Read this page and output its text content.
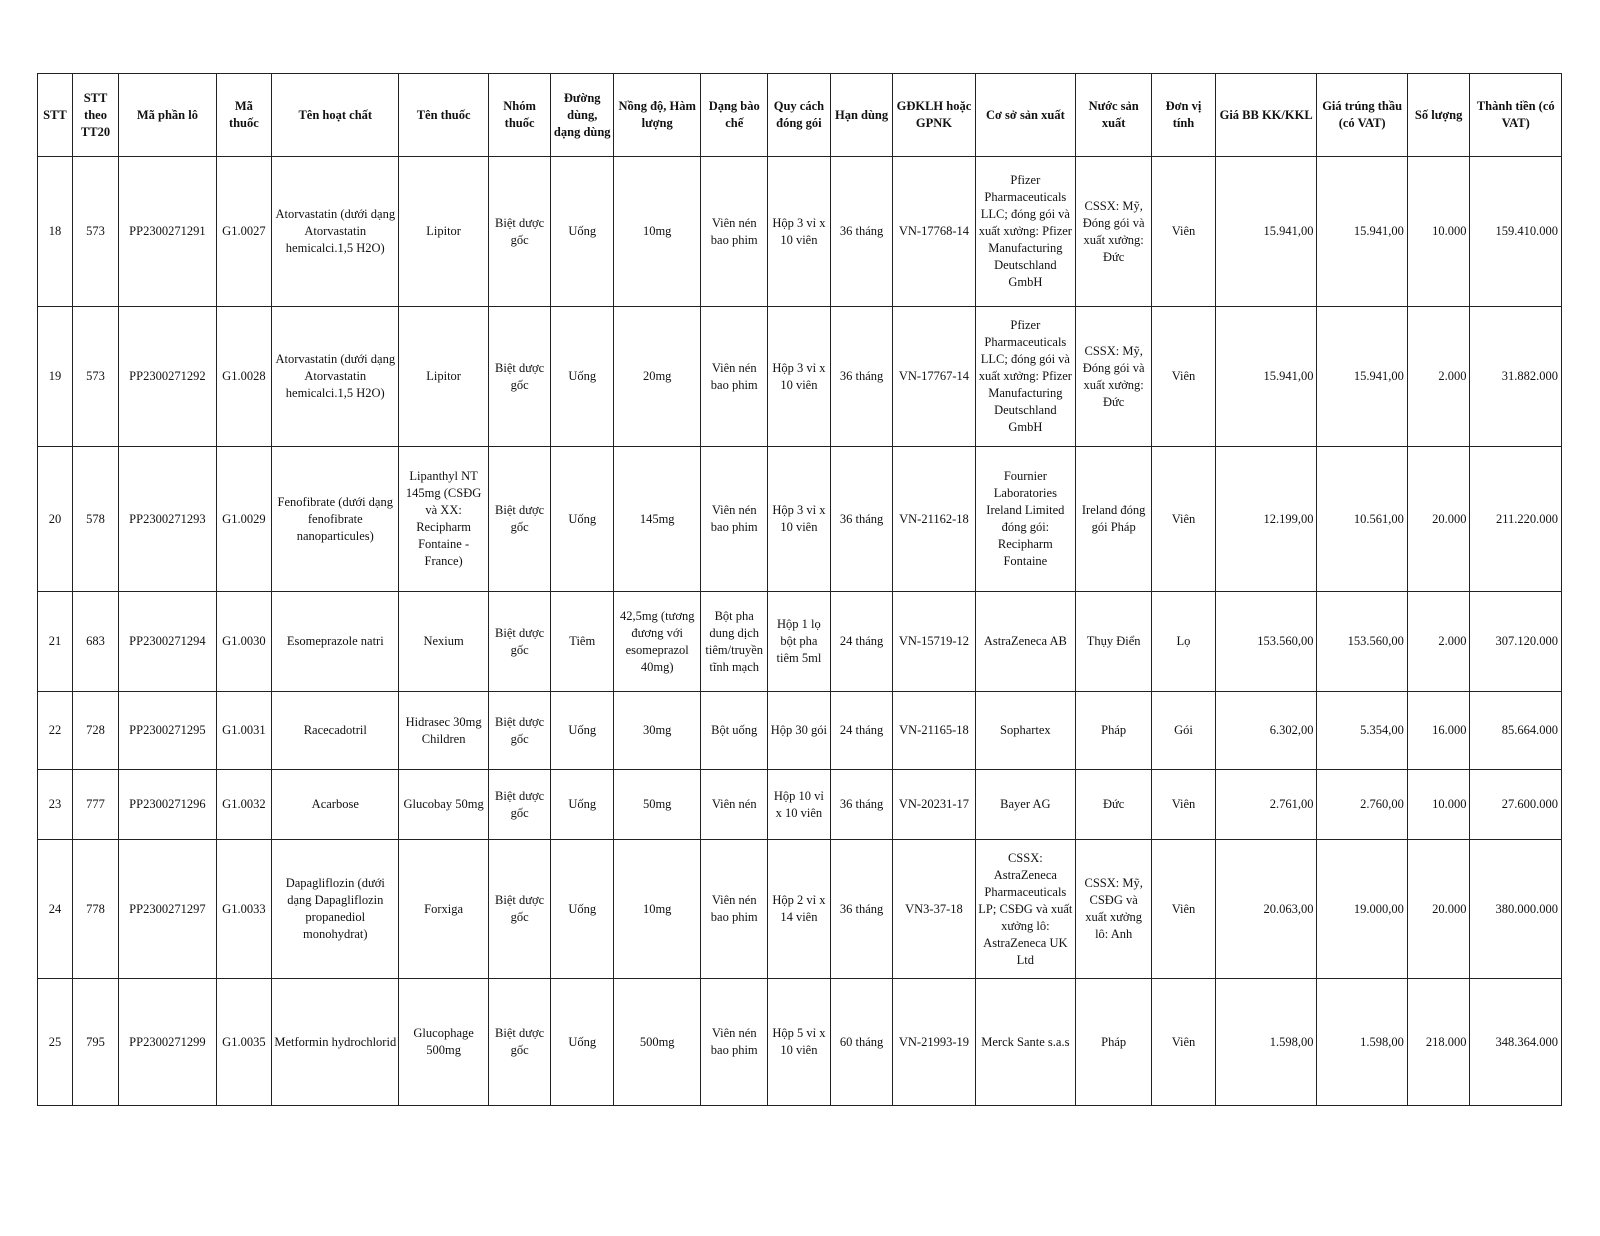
STT	STT theo TT20	Mã phần lô	Mã thuốc	Tên hoạt chất	Tên thuốc	Nhóm thuốc	Đường dùng, dạng dùng	Nồng độ, Hàm lượng	Dạng bào chế	Quy cách đóng gói	Hạn dùng	GĐKLH hoặc GPNK	Cơ sở sản xuất	Nước sản xuất	Đơn vị tính	Giá BB KK/KKL	Giá trúng thầu (có VAT)	Số lượng	Thành tiền (có VAT)
18	573	PP2300271291	G1.0027	Atorvastatin (dưới dạng Atorvastatin hemicalci.1,5 H2O)	Lipitor	Biệt dược gốc	Uống	10mg	Viên nén bao phim	Hộp 3 vỉ x 10 viên	36 tháng	VN-17768-14	Pfizer Pharmaceuticals LLC; đóng gói và xuất xưởng: Pfizer Manufacturing Deutschland GmbH	CSSX: Mỹ, Đóng gói và xuất xưởng: Đức	Viên	15.941,00	15.941,00	10.000	159.410.000
19	573	PP2300271292	G1.0028	Atorvastatin (dưới dạng Atorvastatin hemicalci.1,5 H2O)	Lipitor	Biệt dược gốc	Uống	20mg	Viên nén bao phim	Hộp 3 vỉ x 10 viên	36 tháng	VN-17767-14	Pfizer Pharmaceuticals LLC; đóng gói và xuất xưởng: Pfizer Manufacturing Deutschland GmbH	CSSX: Mỹ, Đóng gói và xuất xưởng: Đức	Viên	15.941,00	15.941,00	2.000	31.882.000
20	578	PP2300271293	G1.0029	Fenofibrate (dưới dạng fenofibrate nanoparticules)	Lipanthyl NT 145mg (CSĐG và XX: Recipharm Fontaine - France)	Biệt dược gốc	Uống	145mg	Viên nén bao phim	Hộp 3 vỉ x 10 viên	36 tháng	VN-21162-18	Fournier Laboratories Ireland Limited đóng gói: Recipharm Fontaine	Ireland đóng gói Pháp	Viên	12.199,00	10.561,00	20.000	211.220.000
21	683	PP2300271294	G1.0030	Esomeprazole natri	Nexium	Biệt dược gốc	Tiêm	42,5mg (tương đương với esomeprazol 40mg)	Bột pha dung dịch tiêm/truyền tĩnh mạch	Hộp 1 lọ bột pha tiêm 5ml	24 tháng	VN-15719-12	AstraZeneca AB	Thụy Điển	Lọ	153.560,00	153.560,00	2.000	307.120.000
22	728	PP2300271295	G1.0031	Racecadotril	Hidrasec 30mg Children	Biệt dược gốc	Uống	30mg	Bột uống	Hộp 30 gói	24 tháng	VN-21165-18	Sophartex	Pháp	Gói	6.302,00	5.354,00	16.000	85.664.000
23	777	PP2300271296	G1.0032	Acarbose	Glucobay 50mg	Biệt dược gốc	Uống	50mg	Viên nén	Hộp 10 vỉ x 10 viên	36 tháng	VN-20231-17	Bayer AG	Đức	Viên	2.761,00	2.760,00	10.000	27.600.000
24	778	PP2300271297	G1.0033	Dapagliflozin (dưới dạng Dapagliflozin propanediol monohydrat)	Forxiga	Biệt dược gốc	Uống	10mg	Viên nén bao phim	Hộp 2 vỉ x 14 viên	36 tháng	VN3-37-18	CSSX: AstraZeneca Pharmaceuticals LP; CSĐG và xuất xưởng lô: AstraZeneca UK Ltd	CSSX: Mỹ, CSĐG và xuất xưởng lô: Anh	Viên	20.063,00	19.000,00	20.000	380.000.000
25	795	PP2300271299	G1.0035	Metformin hydrochlorid	Glucophage 500mg	Biệt dược gốc	Uống	500mg	Viên nén bao phim	Hộp 5 vỉ x 10 viên	60 tháng	VN-21993-19	Merck Sante s.a.s	Pháp	Viên	1.598,00	1.598,00	218.000	348.364.000
